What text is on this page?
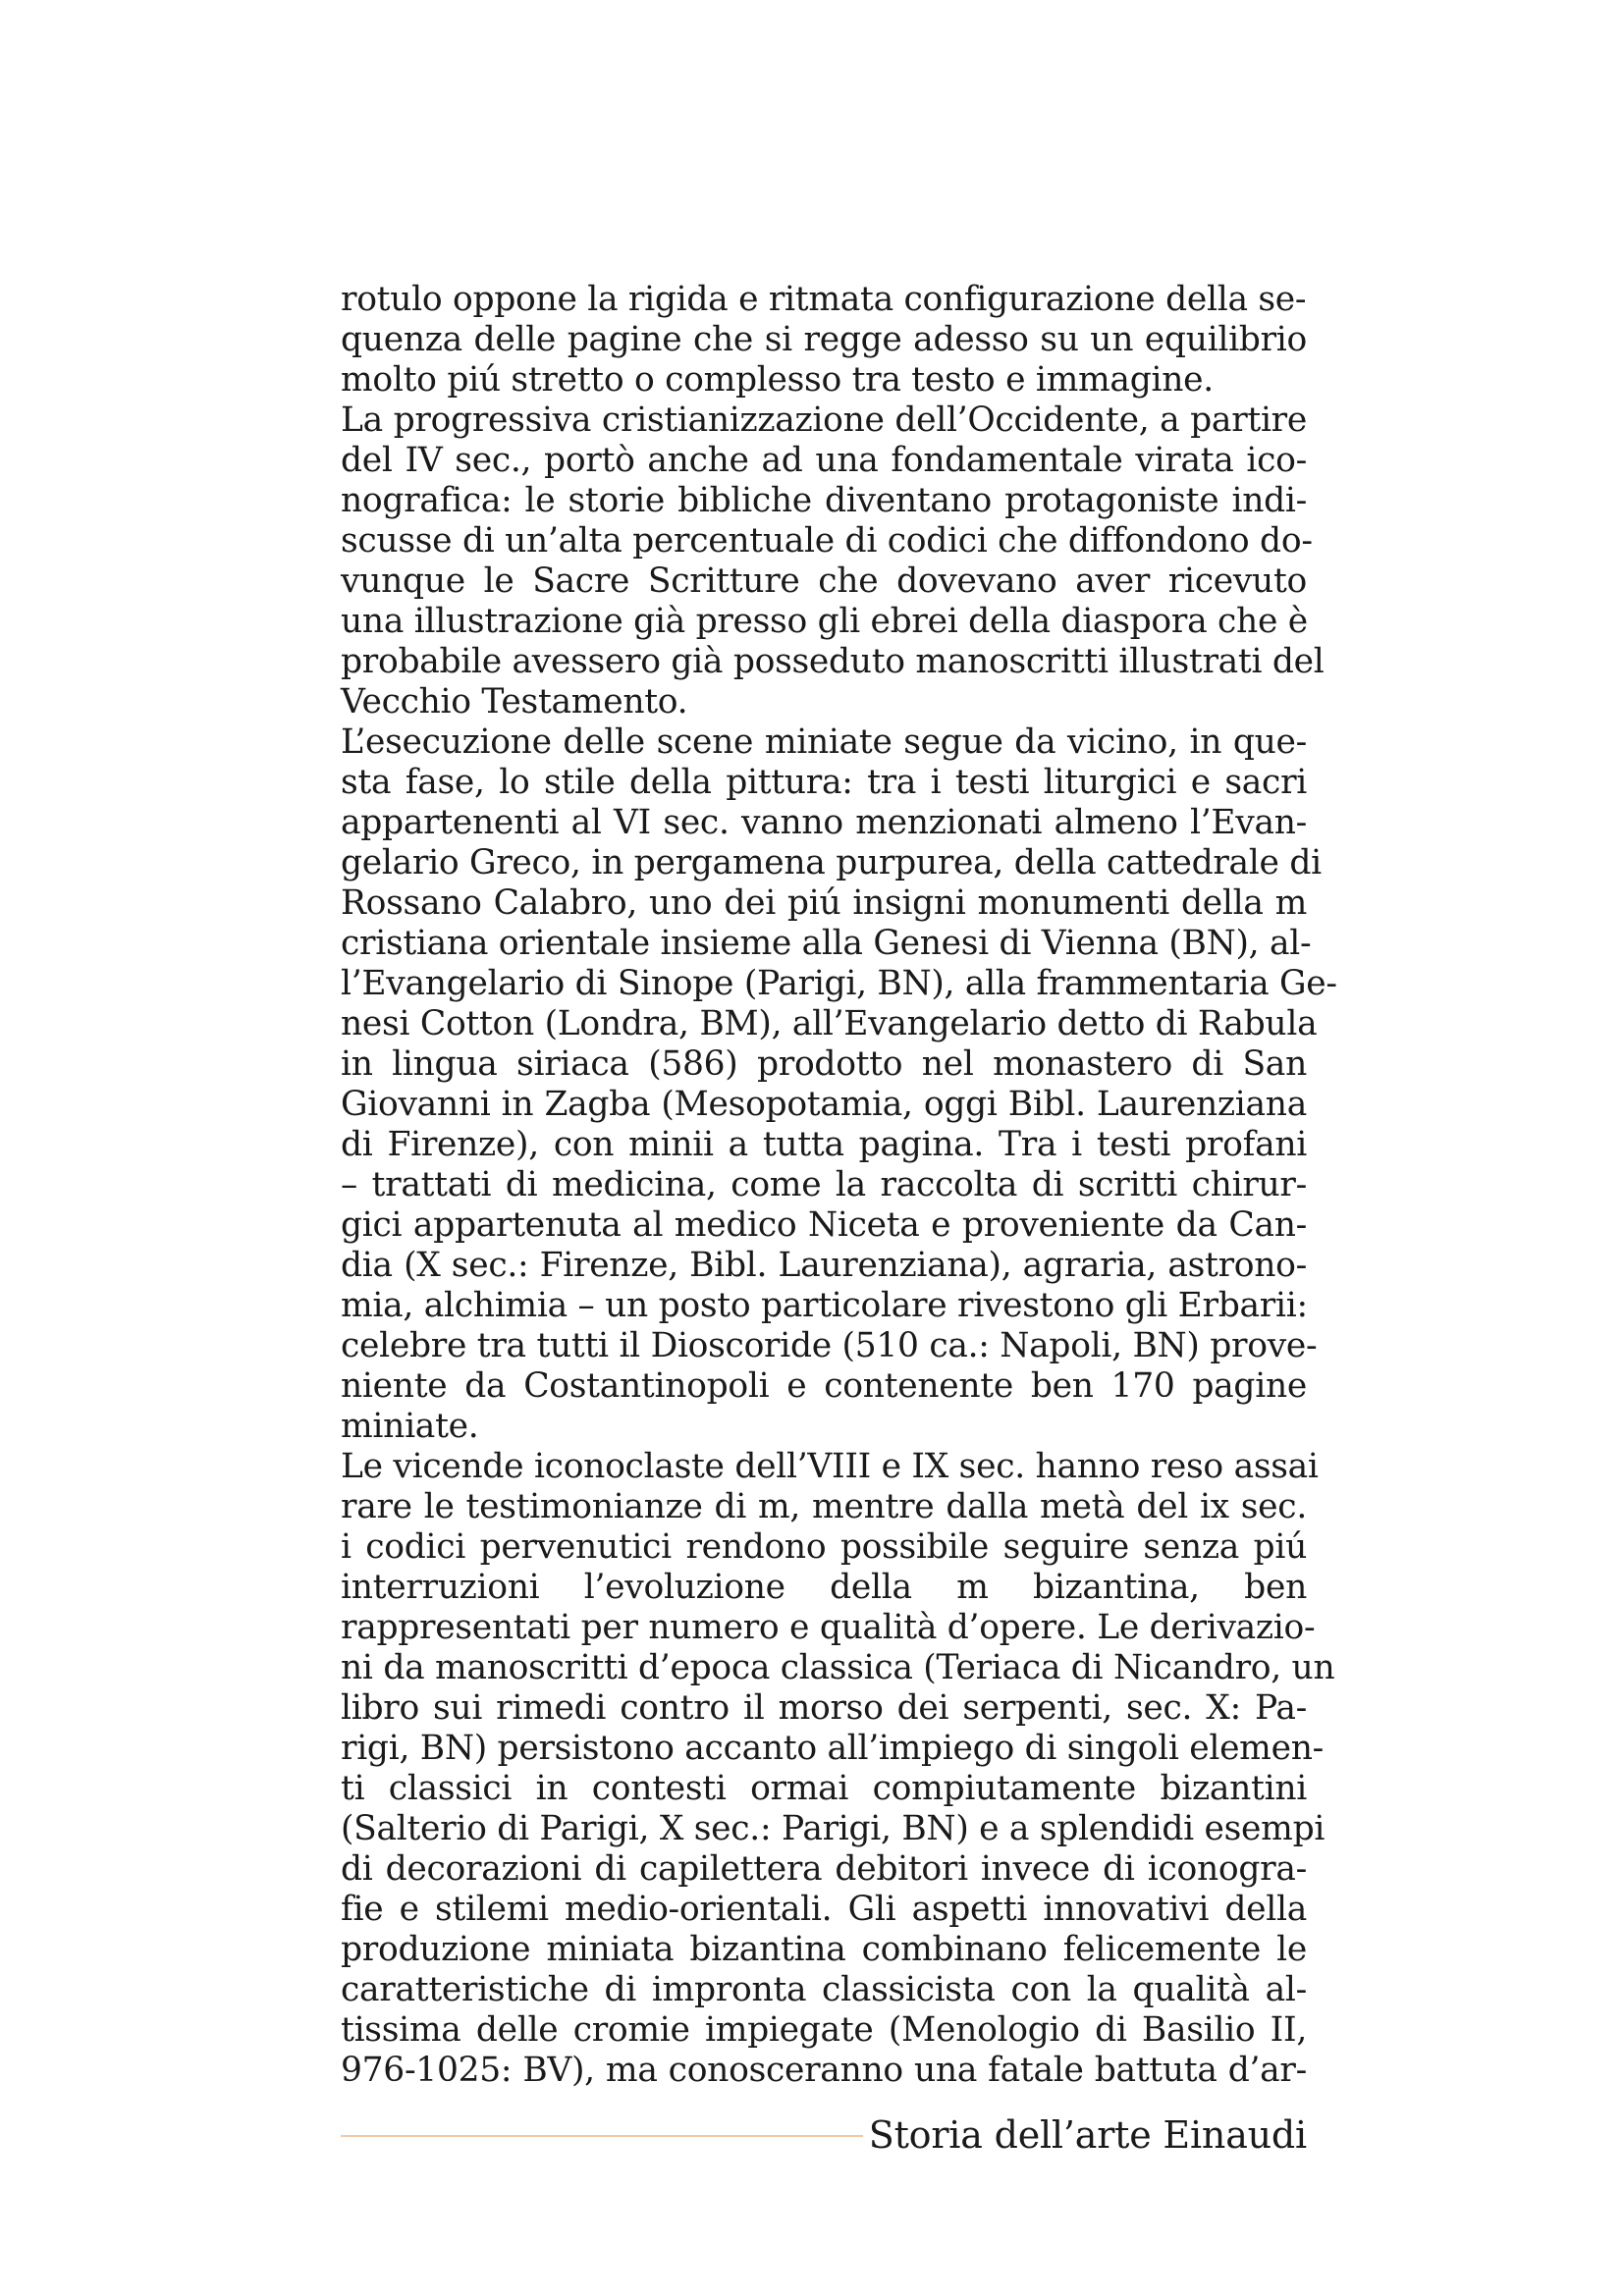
rotulo oppone la rigida e ritmata configurazione della se-
quenza delle pagine che si regge adesso su un equilibrio
molto piú stretto o complesso tra testo e immagine.
La progressiva cristianizzazione dell’Occidente, a partire
del IV sec., portò anche ad una fondamentale virata ico-
nografica: le storie bibliche diventano protagoniste indi-
scusse di un’alta percentuale di codici che diffondono do-
vunque le Sacre Scritture che dovevano aver ricevuto
una illustrazione già presso gli ebrei della diaspora che è
probabile avessero già posseduto manoscritti illustrati del
Vecchio Testamento.
L’esecuzione delle scene miniate segue da vicino, in que-
sta fase, lo stile della pittura: tra i testi liturgici e sacri
appartenenti al VI sec. vanno menzionati almeno l’Evan-
gelario Greco, in pergamena purpurea, della cattedrale di
Rossano Calabro, uno dei piú insigni monumenti della m
cristiana orientale insieme alla Genesi di Vienna (BN), al-
l’Evangelario di Sinope (Parigi, BN), alla frammentaria Ge-
nesi Cotton (Londra, BM), all’Evangelario detto di Rabula
in lingua siriaca (586) prodotto nel monastero di San
Giovanni in Zagba (Mesopotamia, oggi Bibl. Laurenziana
di Firenze), con minii a tutta pagina. Tra i testi profani
– trattati di medicina, come la raccolta di scritti chirur-
gici appartenuta al medico Niceta e proveniente da Can-
dia (X sec.: Firenze, Bibl. Laurenziana), agraria, astrono-
mia, alchimia – un posto particolare rivestono gli Erbarii:
celebre tra tutti il Dioscoride (510 ca.: Napoli, BN) prove-
niente da Costantinopoli e contenente ben 170 pagine
miniate.
Le vicende iconoclaste dell’VIII e IX sec. hanno reso assai
rare le testimonianze di m, mentre dalla metà del ix sec.
i codici pervenutici rendono possibile seguire senza piú
interruzioni l’evoluzione della m bizantina, ben
rappresentati per numero e qualità d’opere. Le derivazio-
ni da manoscritti d’epoca classica (Teriaca di Nicandro, un
libro sui rimedi contro il morso dei serpenti, sec. X: Pa-
rigi, BN) persistono accanto all’impiego di singoli elemen-
ti classici in contesti ormai compiutamente bizantini
(Salterio di Parigi, X sec.: Parigi, BN) e a splendidi esempi
di decorazioni di capilettera debitori invece di iconogra-
fie e stilemi medio-orientali. Gli aspetti innovativi della
produzione miniata bizantina combinano felicemente le
caratteristiche di impronta classicista con la qualità al-
tissima delle cromie impiegate (Menologio di Basilio II,
976-1025: BV), ma conosceranno una fatale battuta d’ar-
Storia dell’arte Einaudi
